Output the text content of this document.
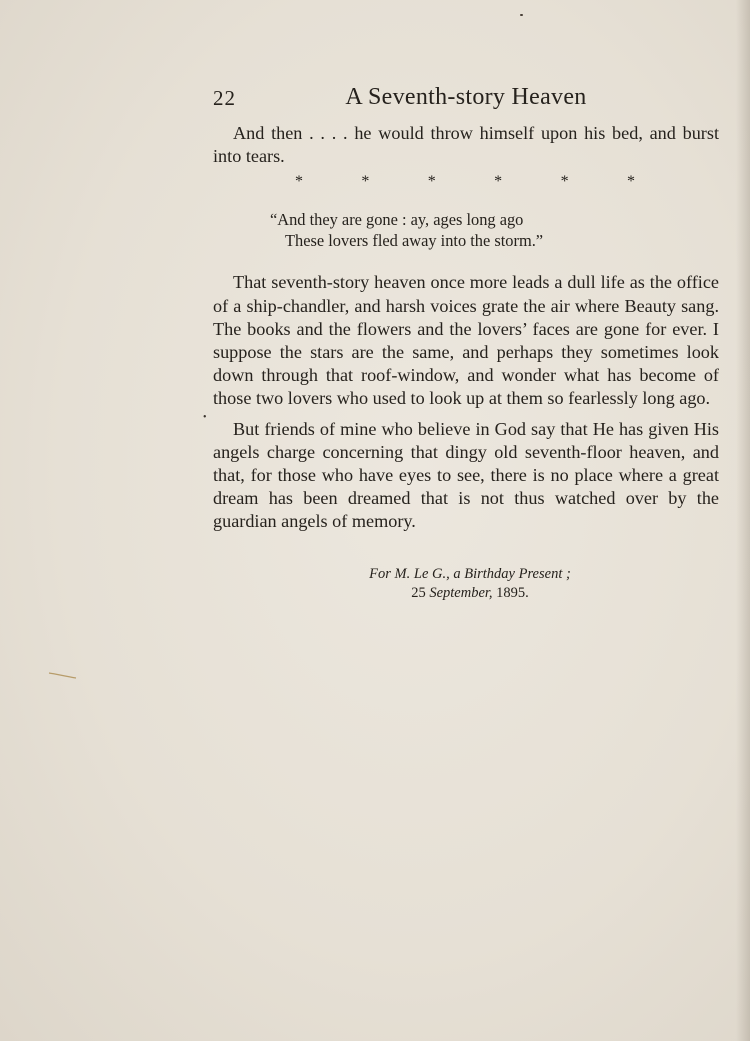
22	A Seventh-story Heaven

And then . . . . he would throw himself upon his bed, and burst into tears.

*	*	*	*	*	*
“And they are gone : ay, ages long ago
These lovers fled away into the storm.”

That seventh-story heaven once more leads a dull life as the office of a ship-chandler, and harsh voices grate the air where Beauty sang. The books and the flowers and the lovers’ faces are gone for ever. I suppose the stars are the same, and perhaps they sometimes look down through that roof-window, and wonder what has become of those two lovers who used to look up at them so fearlessly long ago.

But friends of mine who believe in God say that He has given His angels charge concerning that dingy old seventh-floor heaven, and that, for those who have eyes to see, there is no place where a great dream has been dreamed that is not thus watched over by the guardian angels of memory.

•
For M. Le G., a Birthday Present ;
25 September, 1895.
